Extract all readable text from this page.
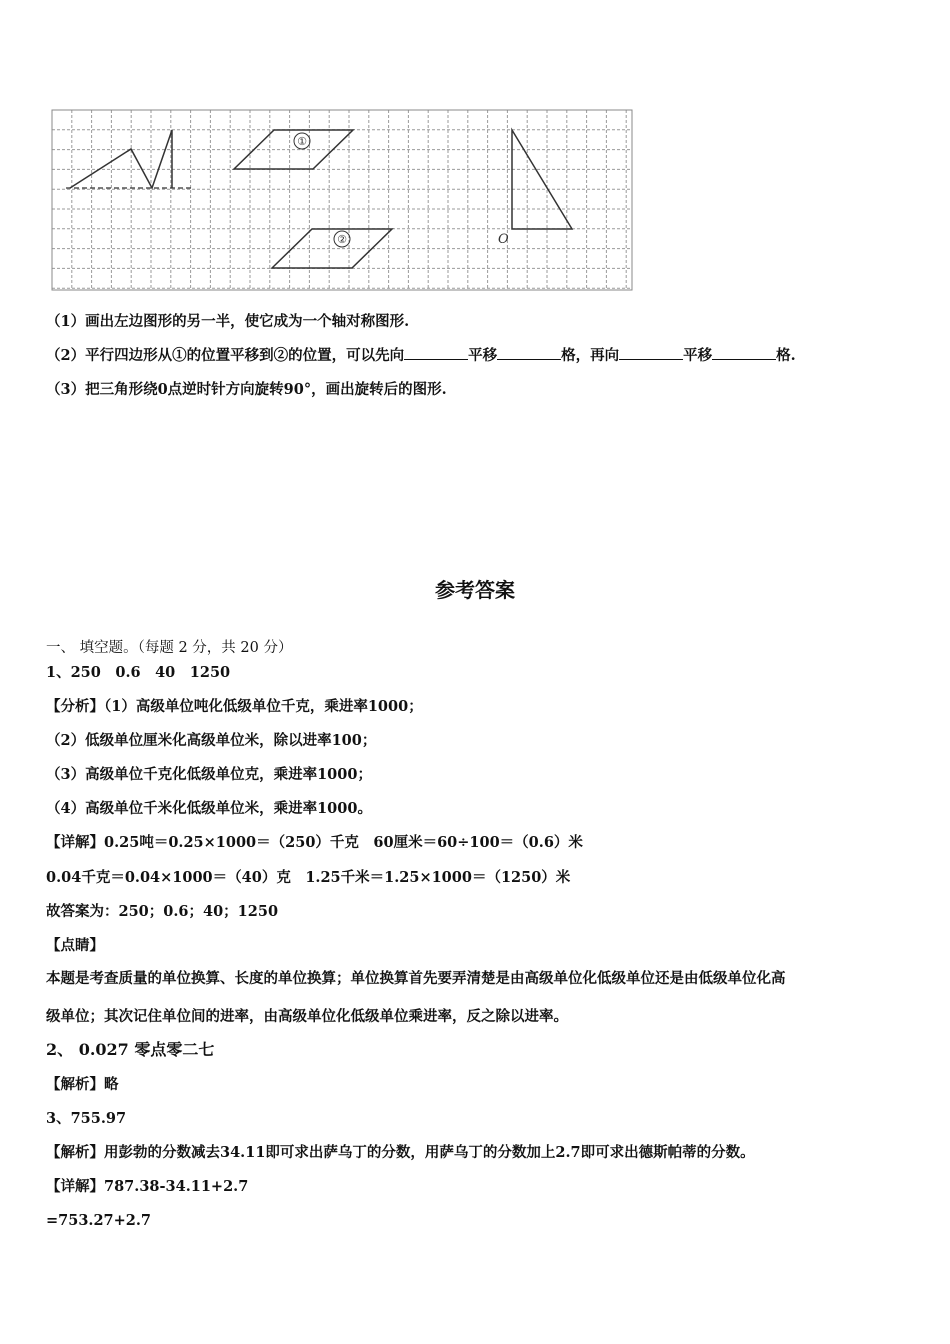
①
②	O
（1）画出左边图形的另一半，使它成为一个轴对称图形.
（2）平行四边形从①的位置平移到②的位置，可以先向	平移	格，再向	平移	格.
（3）把三角形绕0点逆时针方向旋转90°，画出旋转后的图形.
参考答案
一、 填空题。（每题 2 分，共 20 分）
1、250　0.6　40　1250
【分析】（1）高级单位吨化低级单位千克，乘进率1000；
（2）低级单位厘米化高级单位米，除以进率100；
（3）高级单位千克化低级单位克，乘进率1000；
（4）高级单位千米化低级单位米，乘进率1000。
【详解】0.25吨＝0.25×1000＝（250）千克　60厘米＝60÷100＝（0.6）米
0.04千克＝0.04×1000＝（40）克　1.25千米＝1.25×1000＝（1250）米
故答案为：250；0.6；40；1250
【点睛】
本题是考查质量的单位换算、长度的单位换算；单位换算首先要弄清楚是由高级单位化低级单位还是由低级单位化高
级单位；其次记住单位间的进率，由高级单位化低级单位乘进率，反之除以进率。
2、 0.027 零点零二七
【解析】略
3、755.97
【解析】用彭勃的分数减去34.11即可求出萨乌丁的分数，用萨乌丁的分数加上2.7即可求出德斯帕蒂的分数。
【详解】787.38-34.11+2.7
=753.27+2.7
